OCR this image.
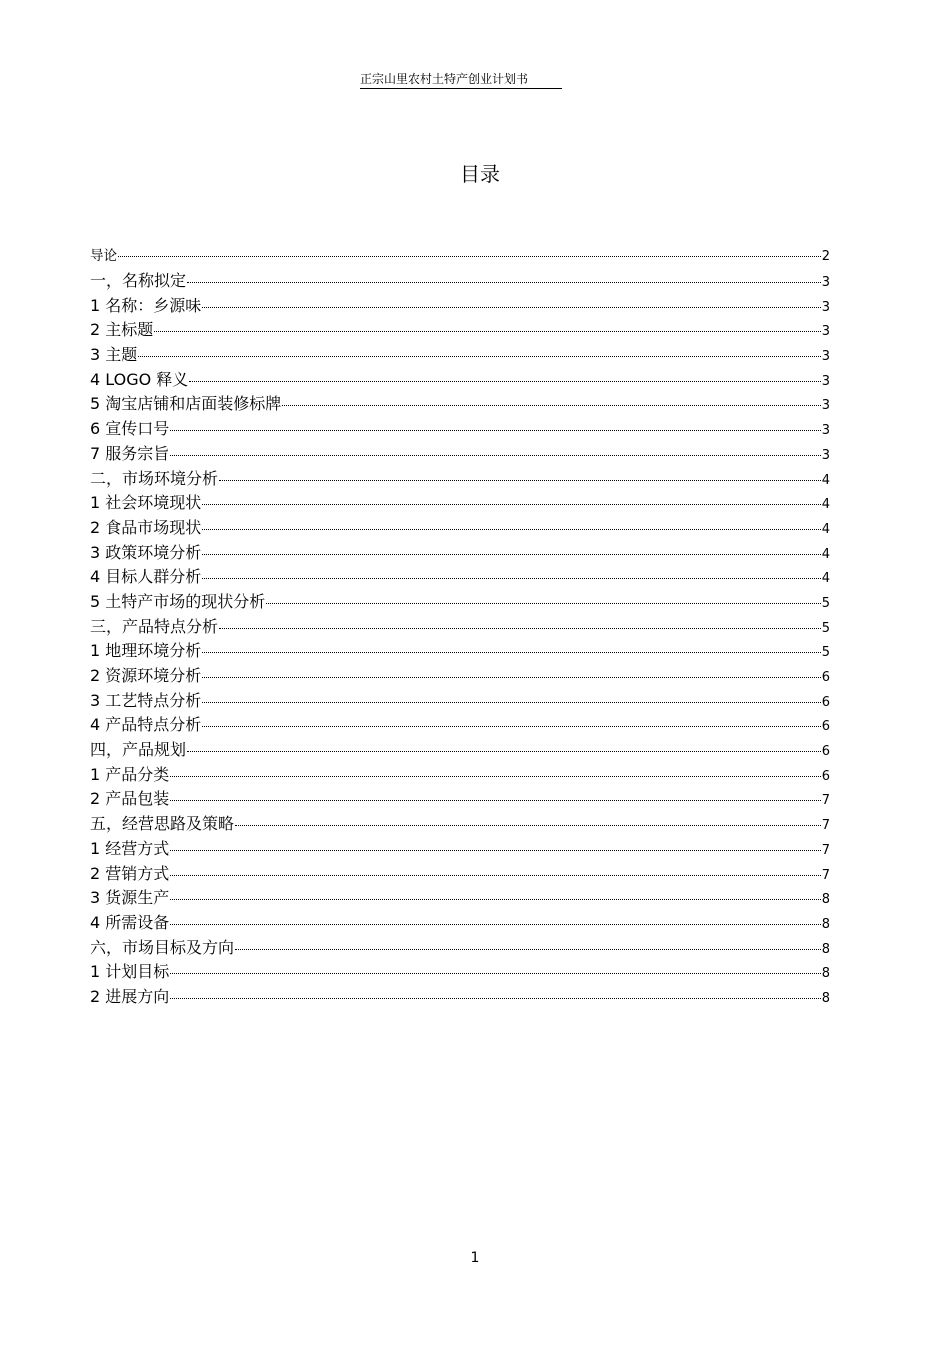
正宗山里农村土特产创业计划书
目录
导论	2
一，名称拟定	3
1 名称：乡源味	3
2 主标题	3
3 主题	3
4 LOGO 释义	3
5 淘宝店铺和店面装修标牌	3
6 宣传口号	3
7 服务宗旨	3
二，市场环境分析	4
1 社会环境现状	4
2 食品市场现状	4
3 政策环境分析	4
4 目标人群分析	4
5 土特产市场的现状分析	5
三，产品特点分析	5
1 地理环境分析	5
2 资源环境分析	6
3 工艺特点分析	6
4 产品特点分析	6
四，产品规划	6
1 产品分类	6
2 产品包装	7
五，经营思路及策略	7
1 经营方式	7
2 营销方式	7
3 货源生产	8
4 所需设备	8
六，市场目标及方向	8
1 计划目标	8
2 进展方向	8
1
